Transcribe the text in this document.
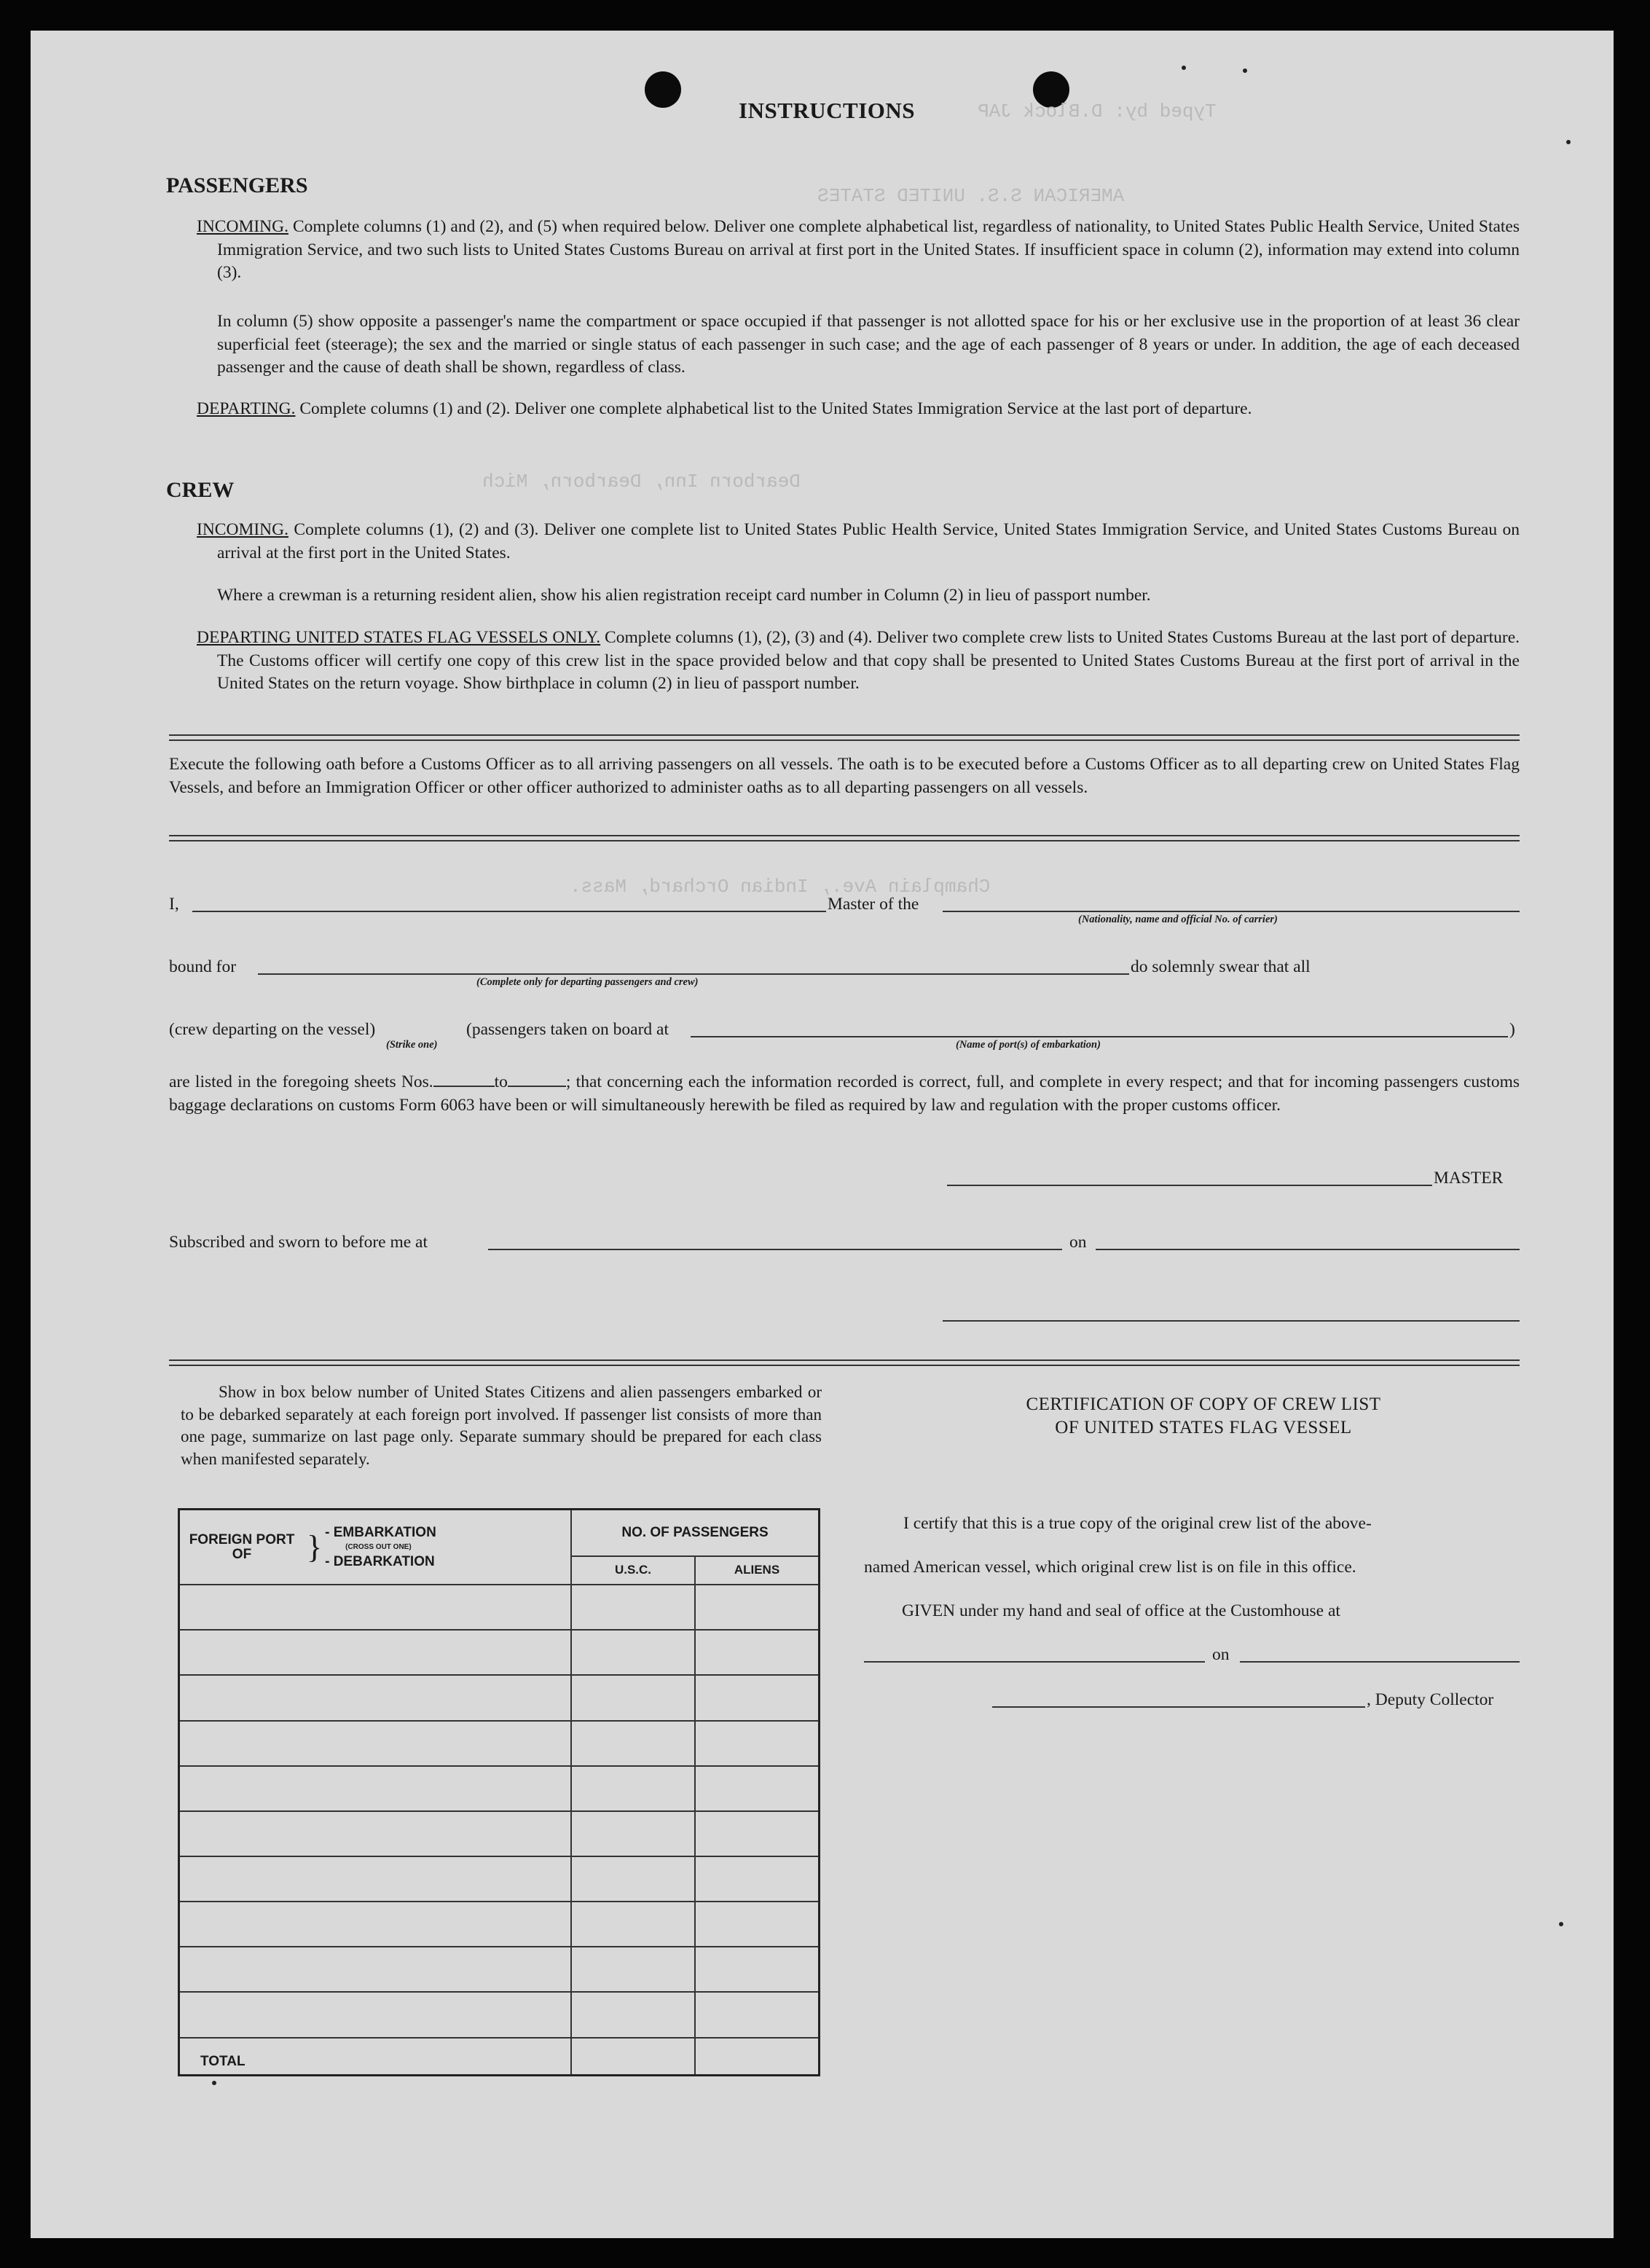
Typed by: D.Block JAP
AMERICAN S.S. UNITED STATES
Dearborn Inn, Dearborn, Mich
Champlain Ave., Indian Orchard, Mass.
INSTRUCTIONS
PASSENGERS
INCOMING. Complete columns (1) and (2), and (5) when required below. Deliver one complete alphabetical list, regardless of nationality, to United States Public Health Service, United States Immigration Service, and two such lists to United States Customs Bureau on arrival at first port in the United States. If insufficient space in column (2), information may extend into column (3).
In column (5) show opposite a passenger's name the compartment or space occupied if that passenger is not allotted space for his or her exclusive use in the proportion of at least 36 clear superficial feet (steerage); the sex and the married or single status of each passenger in such case; and the age of each passenger of 8 years or under. In addition, the age of each deceased passenger and the cause of death shall be shown, regardless of class.
DEPARTING. Complete columns (1) and (2). Deliver one complete alphabetical list to the United States Immigration Service at the last port of departure.
CREW
INCOMING. Complete columns (1), (2) and (3). Deliver one complete list to United States Public Health Service, United States Immigration Service, and United States Customs Bureau on arrival at the first port in the United States.
Where a crewman is a returning resident alien, show his alien registration receipt card number in Column (2) in lieu of passport number.
DEPARTING UNITED STATES FLAG VESSELS ONLY. Complete columns (1), (2), (3) and (4). Deliver two complete crew lists to United States Customs Bureau at the last port of departure. The Customs officer will certify one copy of this crew list in the space provided below and that copy shall be presented to United States Customs Bureau at the first port of arrival in the United States on the return voyage. Show birthplace in column (2) in lieu of passport number.
Execute the following oath before a Customs Officer as to all arriving passengers on all vessels. The oath is to be executed before a Customs Officer as to all departing crew on United States Flag Vessels, and before an Immigration Officer or other officer authorized to administer oaths as to all departing passengers on all vessels.
I,	Master of the
(Nationality, name and official No. of carrier)
bound for
(Complete only for departing passengers and crew)
do solemnly swear that all
(crew departing on the vessel)
(Strike one)
(passengers taken on board at
(Name of port(s) of embarkation)
)
are listed in the foregoing sheets Nos.	to	; that concerning each the information recorded is correct, full, and complete in every respect; and that for incoming passengers customs baggage declarations on customs Form 6063 have been or will simultaneously herewith be filed as required by law and regulation with the proper customs officer.
MASTER
Subscribed and sworn to before me at	on
Show in box below number of United States Citizens and alien passengers embarked or to be debarked separately at each foreign port involved. If passenger list consists of more than one page, summarize on last page only. Separate summary should be prepared for each class when manifested separately.
FOREIGN PORT OF } - EMBARKATION
(CROSS OUT ONE)
- DEBARKATION	NO. OF PASSENGERS	
	U.S.C.	ALIENS

TOTAL		
CERTIFICATION OF COPY OF CREW LIST
OF UNITED STATES FLAG VESSEL
I certify that this is a true copy of the original crew list of the above-
named American vessel, which original crew list is on file in this office.
GIVEN under my hand and seal of office at the Customhouse at
on
, Deputy Collector
